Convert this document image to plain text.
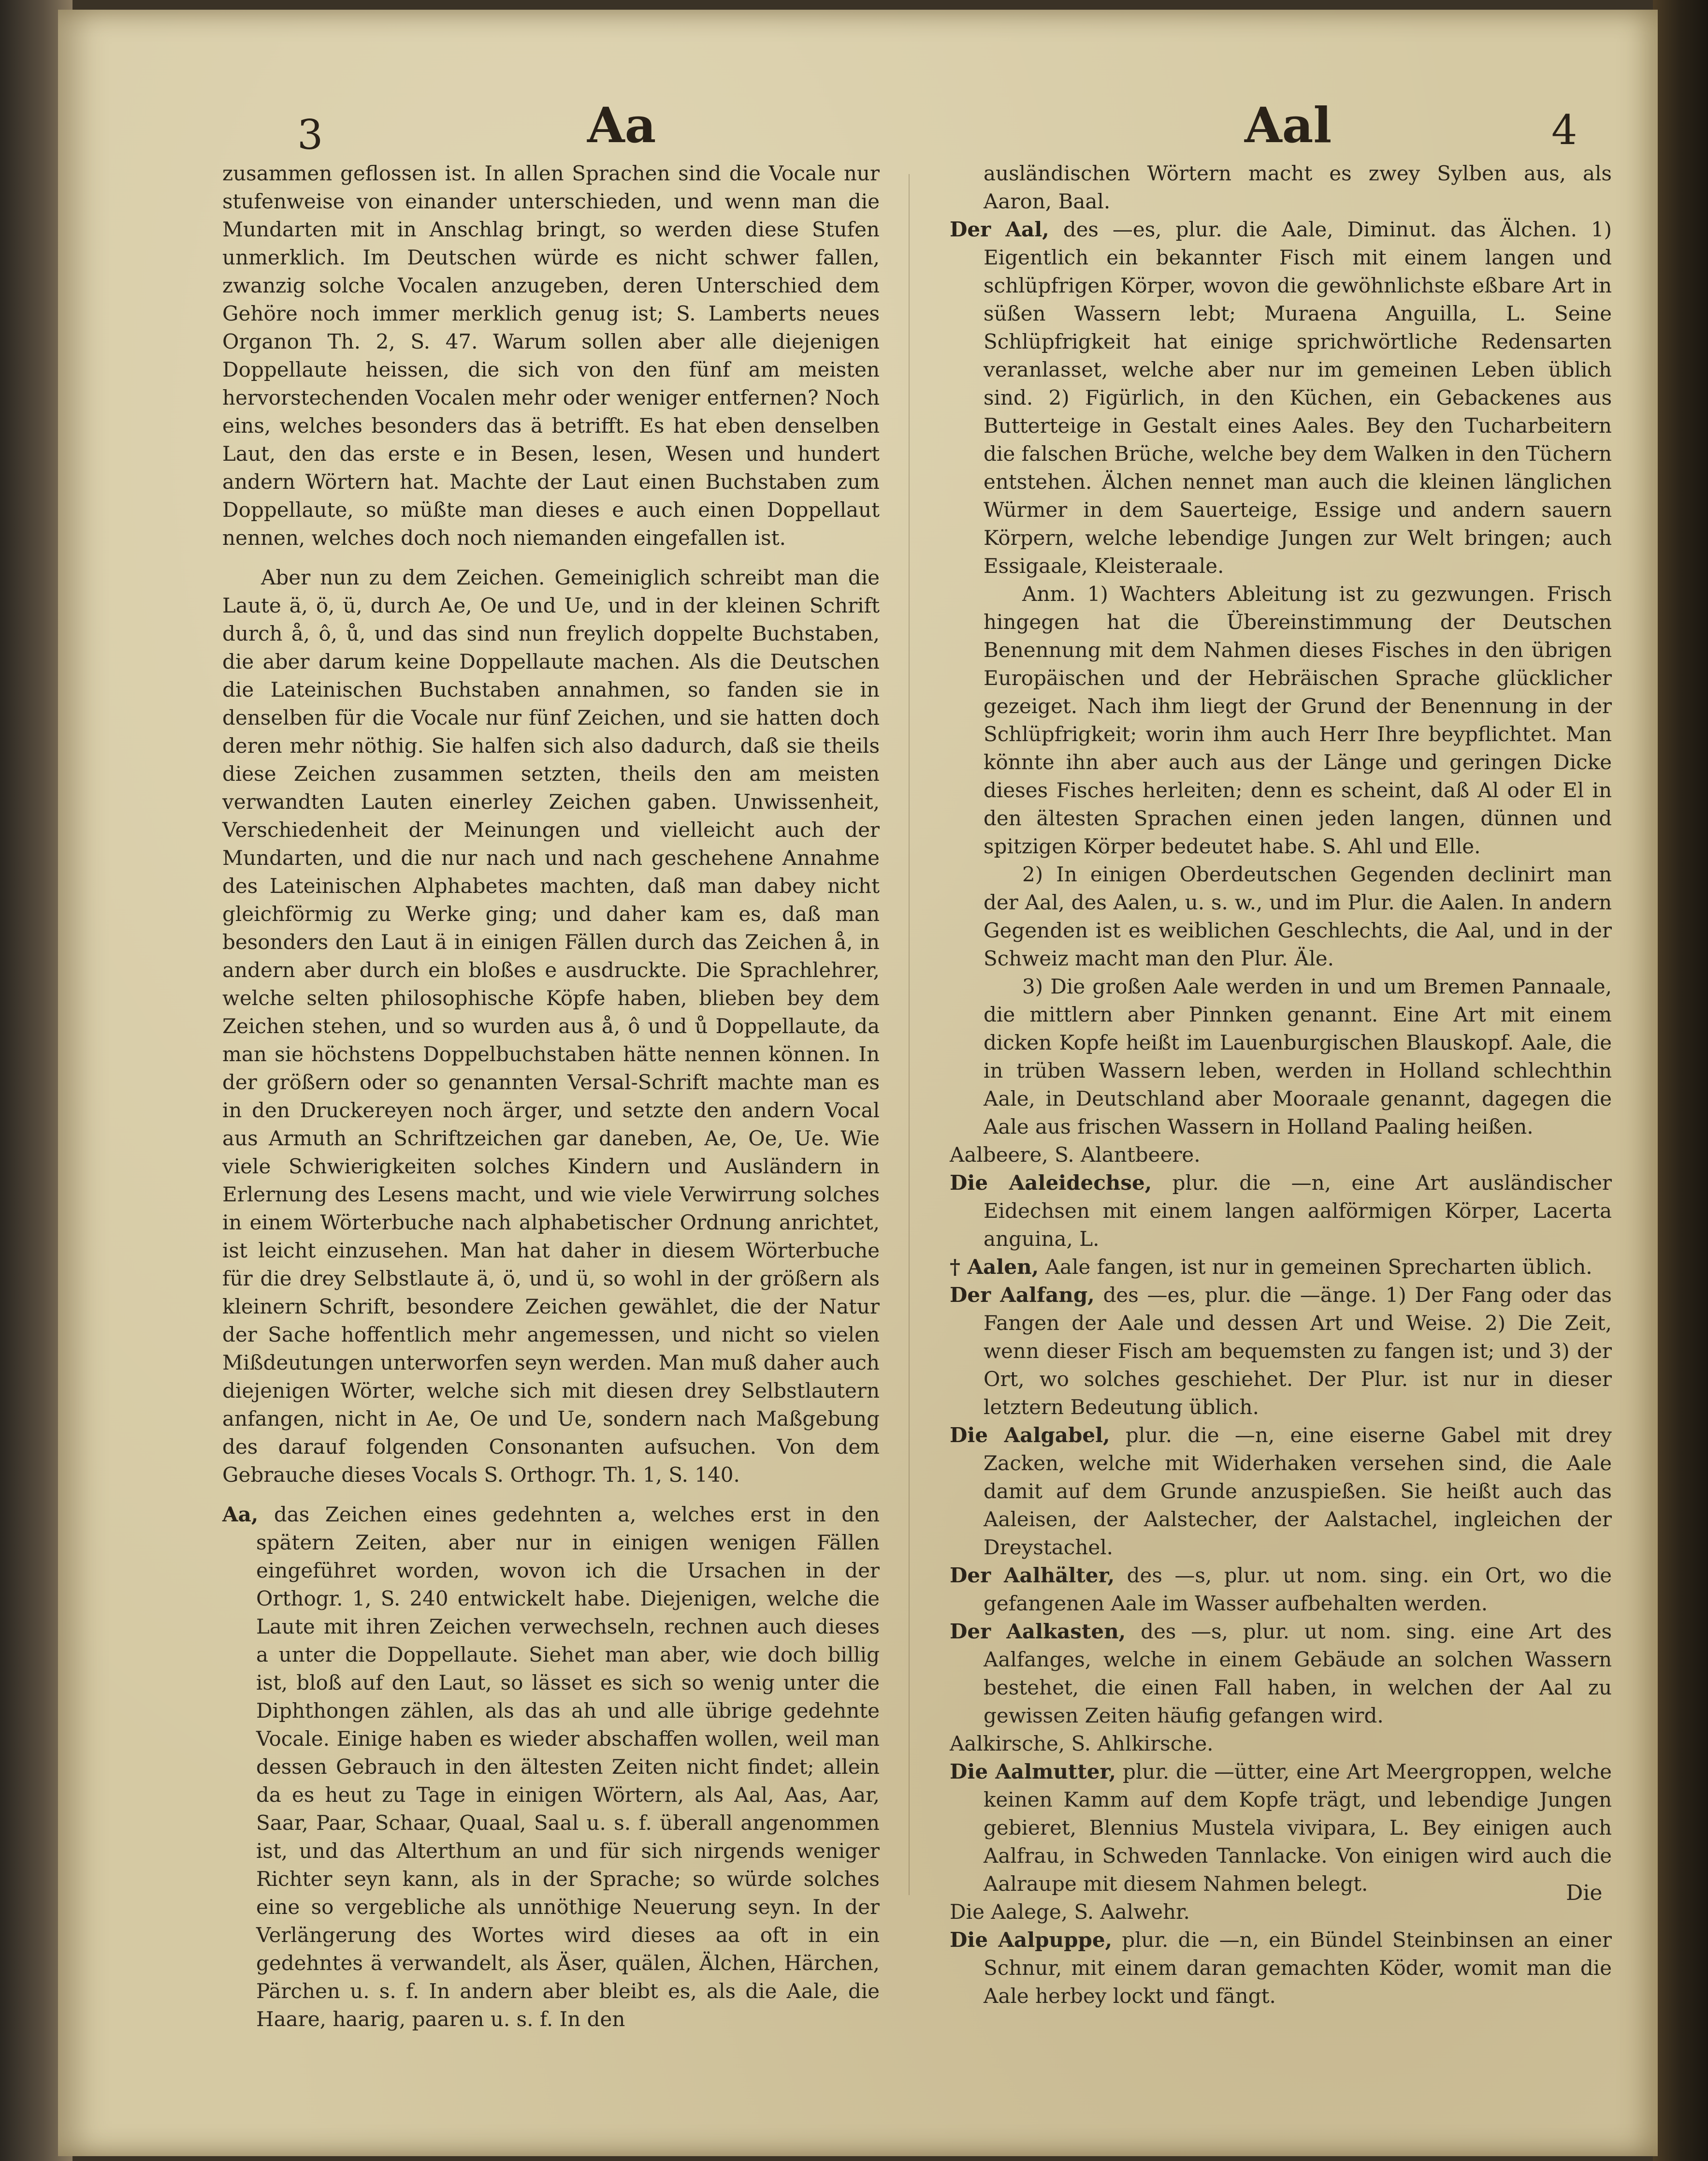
3	Aa	Aal	4

zusammen geflossen ist. In allen Sprachen sind die Vocale nur stufenweise von einander unterschieden, und wenn man die Mundarten mit in Anschlag bringt, so werden diese Stufen unmerklich. Im Deutschen würde es nicht schwer fallen, zwanzig solche Vocalen anzugeben, deren Unterschied dem Gehöre noch immer merklich genug ist; S. Lamberts neues Organon Th. 2, S. 47. Warum sollen aber alle diejenigen Doppellaute heissen, die sich von den fünf am meisten hervorstechenden Vocalen mehr oder weniger entfernen? Noch eins, welches besonders das ä betrifft. Es hat eben denselben Laut, den das erste e in Besen, lesen, Wesen und hundert andern Wörtern hat. Machte der Laut einen Buchstaben zum Doppellaute, so müßte man dieses e auch einen Doppellaut nennen, welches doch noch niemanden eingefallen ist.

Aber nun zu dem Zeichen. Gemeiniglich schreibt man die Laute ä, ö, ü, durch Ae, Oe und Ue, und in der kleinen Schrift durch å, ô, ů, und das sind nun freylich doppelte Buchstaben, die aber darum keine Doppellaute machen. Als die Deutschen die Lateinischen Buchstaben annahmen, so fanden sie in denselben für die Vocale nur fünf Zeichen, und sie hatten doch deren mehr nöthig. Sie halfen sich also dadurch, daß sie theils diese Zeichen zusammen setzten, theils den am meisten verwandten Lauten einerley Zeichen gaben. Unwissenheit, Verschiedenheit der Meinungen und vielleicht auch der Mundarten, und die nur nach und nach geschehene Annahme des Lateinischen Alphabetes machten, daß man dabey nicht gleichförmig zu Werke ging; und daher kam es, daß man besonders den Laut ä in einigen Fällen durch das Zeichen å, in andern aber durch ein bloßes e ausdruckte. Die Sprachlehrer, welche selten philosophische Köpfe haben, blieben bey dem Zeichen stehen, und so wurden aus å, ô und ů Doppellaute, da man sie höchstens Doppelbuchstaben hätte nennen können. In der größern oder so genannten Versal-Schrift machte man es in den Druckereyen noch ärger, und setzte den andern Vocal aus Armuth an Schriftzeichen gar daneben, Ae, Oe, Ue. Wie viele Schwierigkeiten solches Kindern und Ausländern in Erlernung des Lesens macht, und wie viele Verwirrung solches in einem Wörterbuche nach alphabetischer Ordnung anrichtet, ist leicht einzusehen. Man hat daher in diesem Wörterbuche für die drey Selbstlaute ä, ö, und ü, so wohl in der größern als kleinern Schrift, besondere Zeichen gewählet, die der Natur der Sache hoffentlich mehr angemessen, und nicht so vielen Mißdeutungen unterworfen seyn werden. Man muß daher auch diejenigen Wörter, welche sich mit diesen drey Selbstlautern anfangen, nicht in Ae, Oe und Ue, sondern nach Maßgebung des darauf folgenden Consonanten aufsuchen. Von dem Gebrauche dieses Vocals S. Orthogr. Th. 1, S. 140.

Aa, das Zeichen eines gedehnten a, welches erst in den spätern Zeiten, aber nur in einigen wenigen Fällen eingeführet worden, wovon ich die Ursachen in der Orthogr. 1, S. 240 entwickelt habe. Diejenigen, welche die Laute mit ihren Zeichen verwechseln, rechnen auch dieses a unter die Doppellaute. Siehet man aber, wie doch billig ist, bloß auf den Laut, so lässet es sich so wenig unter die Diphthongen zählen, als das ah und alle übrige gedehnte Vocale. Einige haben es wieder abschaffen wollen, weil man dessen Gebrauch in den ältesten Zeiten nicht findet; allein da es heut zu Tage in einigen Wörtern, als Aal, Aas, Aar, Saar, Paar, Schaar, Quaal, Saal u. s. f. überall angenommen ist, und das Alterthum an und für sich nirgends weniger Richter seyn kann, als in der Sprache; so würde solches eine so vergebliche als unnöthige Neuerung seyn. In der Verlängerung des Wortes wird dieses aa oft in ein gedehntes ä verwandelt, als Äser, quälen, Älchen, Härchen, Pärchen u. s. f. In andern aber bleibt es, als die Aale, die Haare, haarig, paaren u. s. f. In den

ausländischen Wörtern macht es zwey Sylben aus, als Aaron, Baal.

Der Aal, des —es, plur. die Aale, Diminut. das Älchen. 1) Eigentlich ein bekannter Fisch mit einem langen und schlüpfrigen Körper, wovon die gewöhnlichste eßbare Art in süßen Wassern lebt; Muraena Anguilla, L. Seine Schlüpfrigkeit hat einige sprichwörtliche Redensarten veranlasset, welche aber nur im gemeinen Leben üblich sind. 2) Figürlich, in den Küchen, ein Gebackenes aus Butterteige in Gestalt eines Aales. Bey den Tucharbeitern die falschen Brüche, welche bey dem Walken in den Tüchern entstehen. Älchen nennet man auch die kleinen länglichen Würmer in dem Sauerteige, Essige und andern sauern Körpern, welche lebendige Jungen zur Welt bringen; auch Essigaale, Kleisteraale.

Anm. 1) Wachters Ableitung ist zu gezwungen. Frisch hingegen hat die Übereinstimmung der Deutschen Benennung mit dem Nahmen dieses Fisches in den übrigen Europäischen und der Hebräischen Sprache glücklicher gezeiget. Nach ihm liegt der Grund der Benennung in der Schlüpfrigkeit; worin ihm auch Herr Ihre beypflichtet. Man könnte ihn aber auch aus der Länge und geringen Dicke dieses Fisches herleiten; denn es scheint, daß Al oder El in den ältesten Sprachen einen jeden langen, dünnen und spitzigen Körper bedeutet habe. S. Ahl und Elle.

2) In einigen Oberdeutschen Gegenden declinirt man der Aal, des Aalen, u. s. w., und im Plur. die Aalen. In andern Gegenden ist es weiblichen Geschlechts, die Aal, und in der Schweiz macht man den Plur. Äle.

3) Die großen Aale werden in und um Bremen Pannaale, die mittlern aber Pinnken genannt. Eine Art mit einem dicken Kopfe heißt im Lauenburgischen Blauskopf. Aale, die in trüben Wassern leben, werden in Holland schlechthin Aale, in Deutschland aber Mooraale genannt, dagegen die Aale aus frischen Wassern in Holland Paaling heißen.

Aalbeere, S. Alantbeere.

Die Aaleidechse, plur. die —n, eine Art ausländischer Eidechsen mit einem langen aalförmigen Körper, Lacerta anguina, L.

† Aalen, Aale fangen, ist nur in gemeinen Sprecharten üblich.

Der Aalfang, des —es, plur. die —änge. 1) Der Fang oder das Fangen der Aale und dessen Art und Weise. 2) Die Zeit, wenn dieser Fisch am bequemsten zu fangen ist; und 3) der Ort, wo solches geschiehet. Der Plur. ist nur in dieser letztern Bedeutung üblich.

Die Aalgabel, plur. die —n, eine eiserne Gabel mit drey Zacken, welche mit Widerhaken versehen sind, die Aale damit auf dem Grunde anzuspießen. Sie heißt auch das Aaleisen, der Aalstecher, der Aalstachel, ingleichen der Dreystachel.

Der Aalhälter, des —s, plur. ut nom. sing. ein Ort, wo die gefangenen Aale im Wasser aufbehalten werden.

Der Aalkasten, des —s, plur. ut nom. sing. eine Art des Aalfanges, welche in einem Gebäude an solchen Wassern bestehet, die einen Fall haben, in welchen der Aal zu gewissen Zeiten häufig gefangen wird.

Aalkirsche, S. Ahlkirsche.

Die Aalmutter, plur. die —ütter, eine Art Meergroppen, welche keinen Kamm auf dem Kopfe trägt, und lebendige Jungen gebieret, Blennius Mustela vivipara, L. Bey einigen auch Aalfrau, in Schweden Tannlacke. Von einigen wird auch die Aalraupe mit diesem Nahmen belegt.

Die Aalege, S. Aalwehr.

Die Aalpuppe, plur. die —n, ein Bündel Steinbinsen an einer Schnur, mit einem daran gemachten Köder, womit man die Aale herbey lockt und fängt.

Die
